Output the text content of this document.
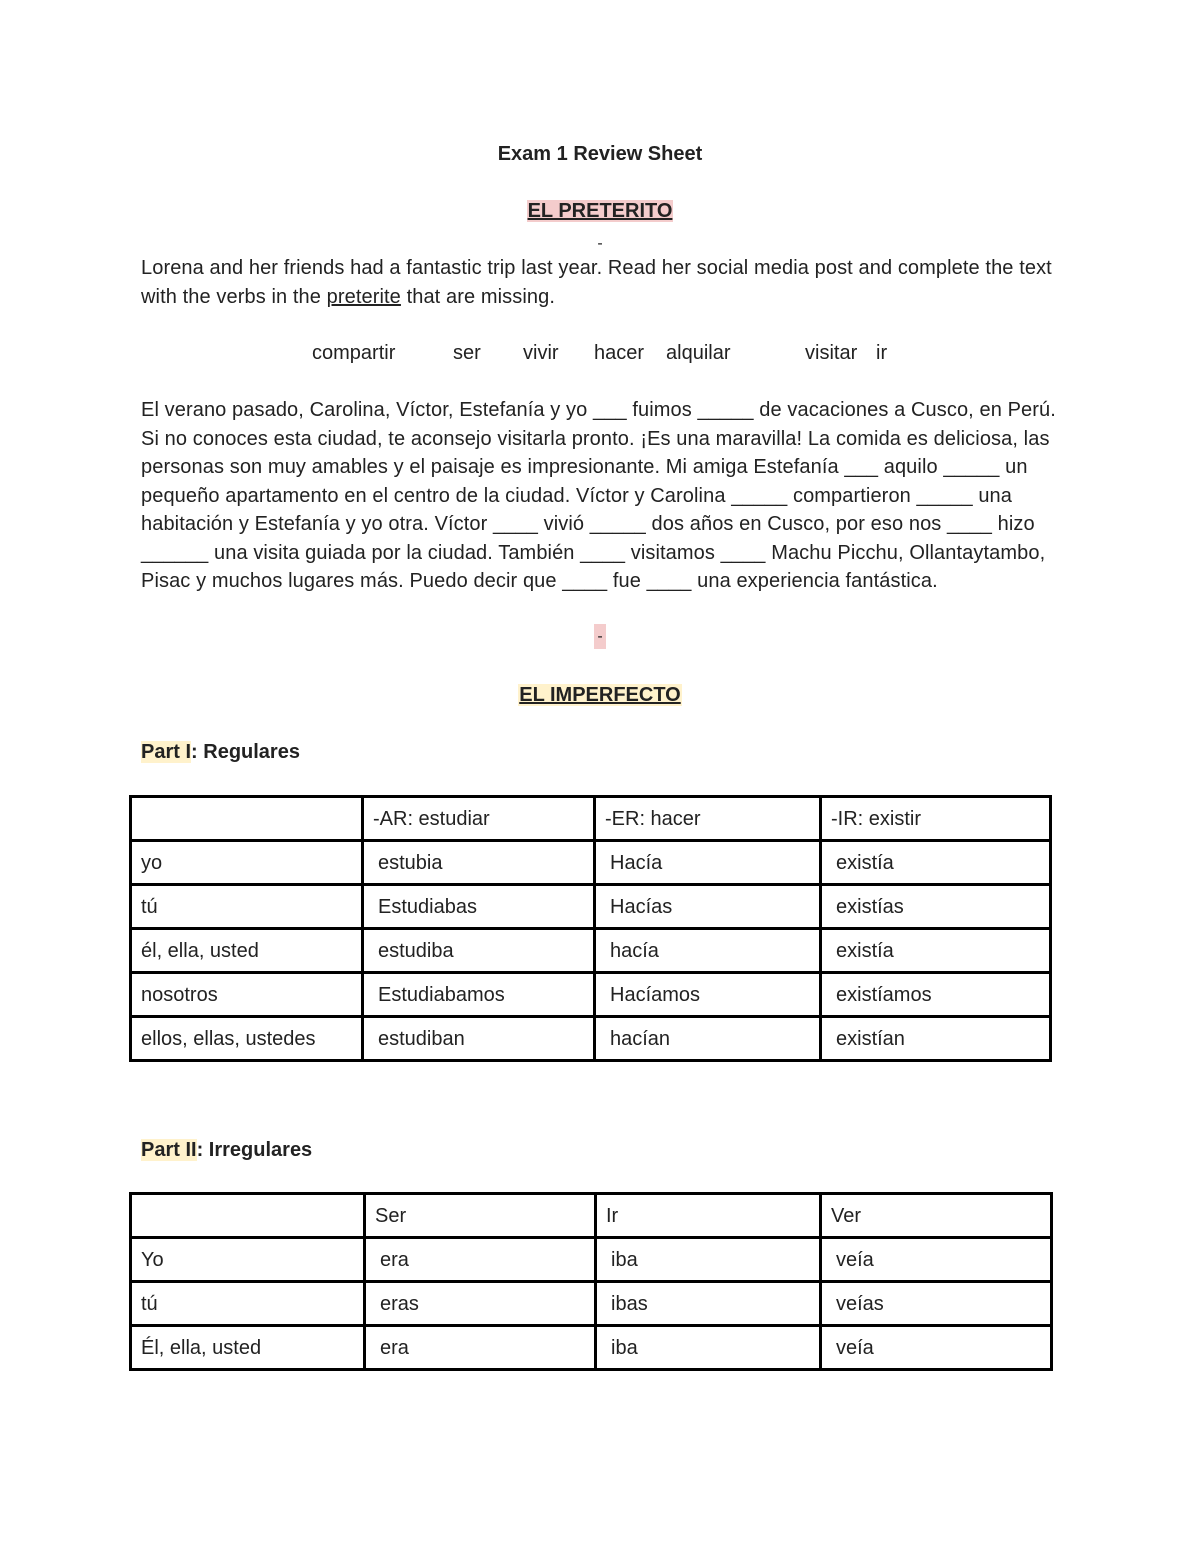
Exam 1 Review Sheet
EL PRETERITO
-
Lorena and her friends had a fantastic trip last year. Read her social media post and complete the text with the verbs in the preterite that are missing.
compartir	ser vivir hacer alquilar	visitar ir
El verano pasado, Carolina, Víctor, Estefanía y yo ___ fuimos _____ de vacaciones a Cusco, en Perú. Si no conoces esta ciudad, te aconsejo visitarla pronto. ¡Es una maravilla! La comida es deliciosa, las personas son muy amables y el paisaje es impresionante. Mi amiga Estefanía ___ aquilo _____ un pequeño apartamento en el centro de la ciudad. Víctor y Carolina _____ compartieron _____ una habitación y Estefanía y yo otra. Víctor ____ vivió _____ dos años en Cusco, por eso nos ____ hizo ______ una visita guiada por la ciudad. También ____ visitamos ____ Machu Picchu, Ollantaytambo, Pisac y muchos lugares más. Puedo decir que ____ fue ____ una experiencia fantástica.
-
EL IMPERFECTO
Part I: Regulares
	-AR: estudiar	-ER: hacer	-IR: existir
yo	estubia	Hacía	existía
tú	Estudiabas	Hacías	existías
él, ella, usted	estudiba	hacía	existía
nosotros	Estudiabamos	Hacíamos	existíamos
ellos, ellas, ustedes	estudiban	hacían	existían
Part II: Irregulares
	Ser	Ir	Ver
Yo	era	iba	veía
tú	eras	ibas	veías
Él, ella, usted	era	iba	veía
